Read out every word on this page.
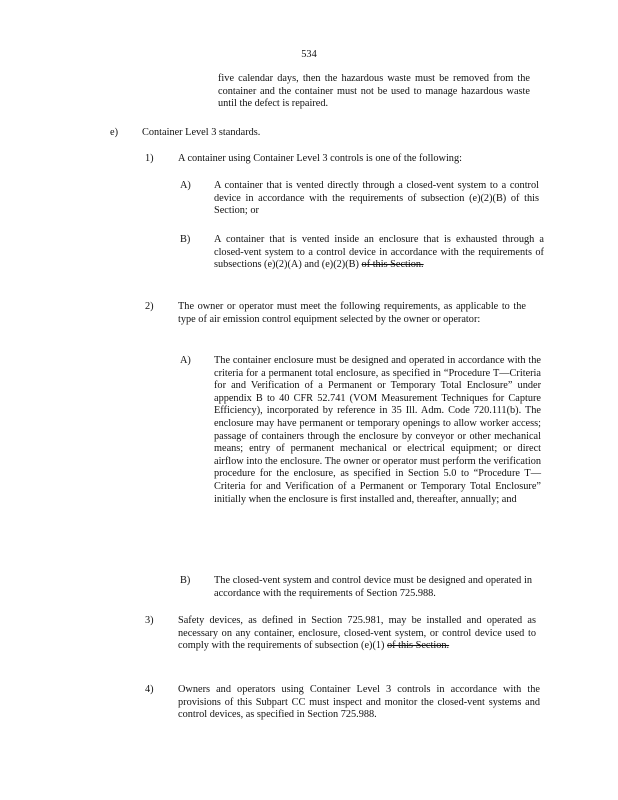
534
five calendar days, then the hazardous waste must be removed from the container and the container must not be used to manage hazardous waste until the defect is repaired.
e) Container Level 3 standards.
1) A container using Container Level 3 controls is one of the following:
A) A container that is vented directly through a closed-vent system to a control device in accordance with the requirements of subsection (e)(2)(B) of this Section; or
B) A container that is vented inside an enclosure that is exhausted through a closed-vent system to a control device in accordance with the requirements of subsections (e)(2)(A) and (e)(2)(B) of this Section.
2) The owner or operator must meet the following requirements, as applicable to the type of air emission control equipment selected by the owner or operator:
A) The container enclosure must be designed and operated in accordance with the criteria for a permanent total enclosure, as specified in “Procedure T—Criteria for and Verification of a Permanent or Temporary Total Enclosure” under appendix B to 40 CFR 52.741 (VOM Measurement Techniques for Capture Efficiency), incorporated by reference in 35 Ill. Adm. Code 720.111(b). The enclosure may have permanent or temporary openings to allow worker access; passage of containers through the enclosure by conveyor or other mechanical means; entry of permanent mechanical or electrical equipment; or direct airflow into the enclosure. The owner or operator must perform the verification procedure for the enclosure, as specified in Section 5.0 to “Procedure T—Criteria for and Verification of a Permanent or Temporary Total Enclosure” initially when the enclosure is first installed and, thereafter, annually; and
B) The closed-vent system and control device must be designed and operated in accordance with the requirements of Section 725.988.
3) Safety devices, as defined in Section 725.981, may be installed and operated as necessary on any container, enclosure, closed-vent system, or control device used to comply with the requirements of subsection (e)(1) of this Section.
4) Owners and operators using Container Level 3 controls in accordance with the provisions of this Subpart CC must inspect and monitor the closed-vent systems and control devices, as specified in Section 725.988.
